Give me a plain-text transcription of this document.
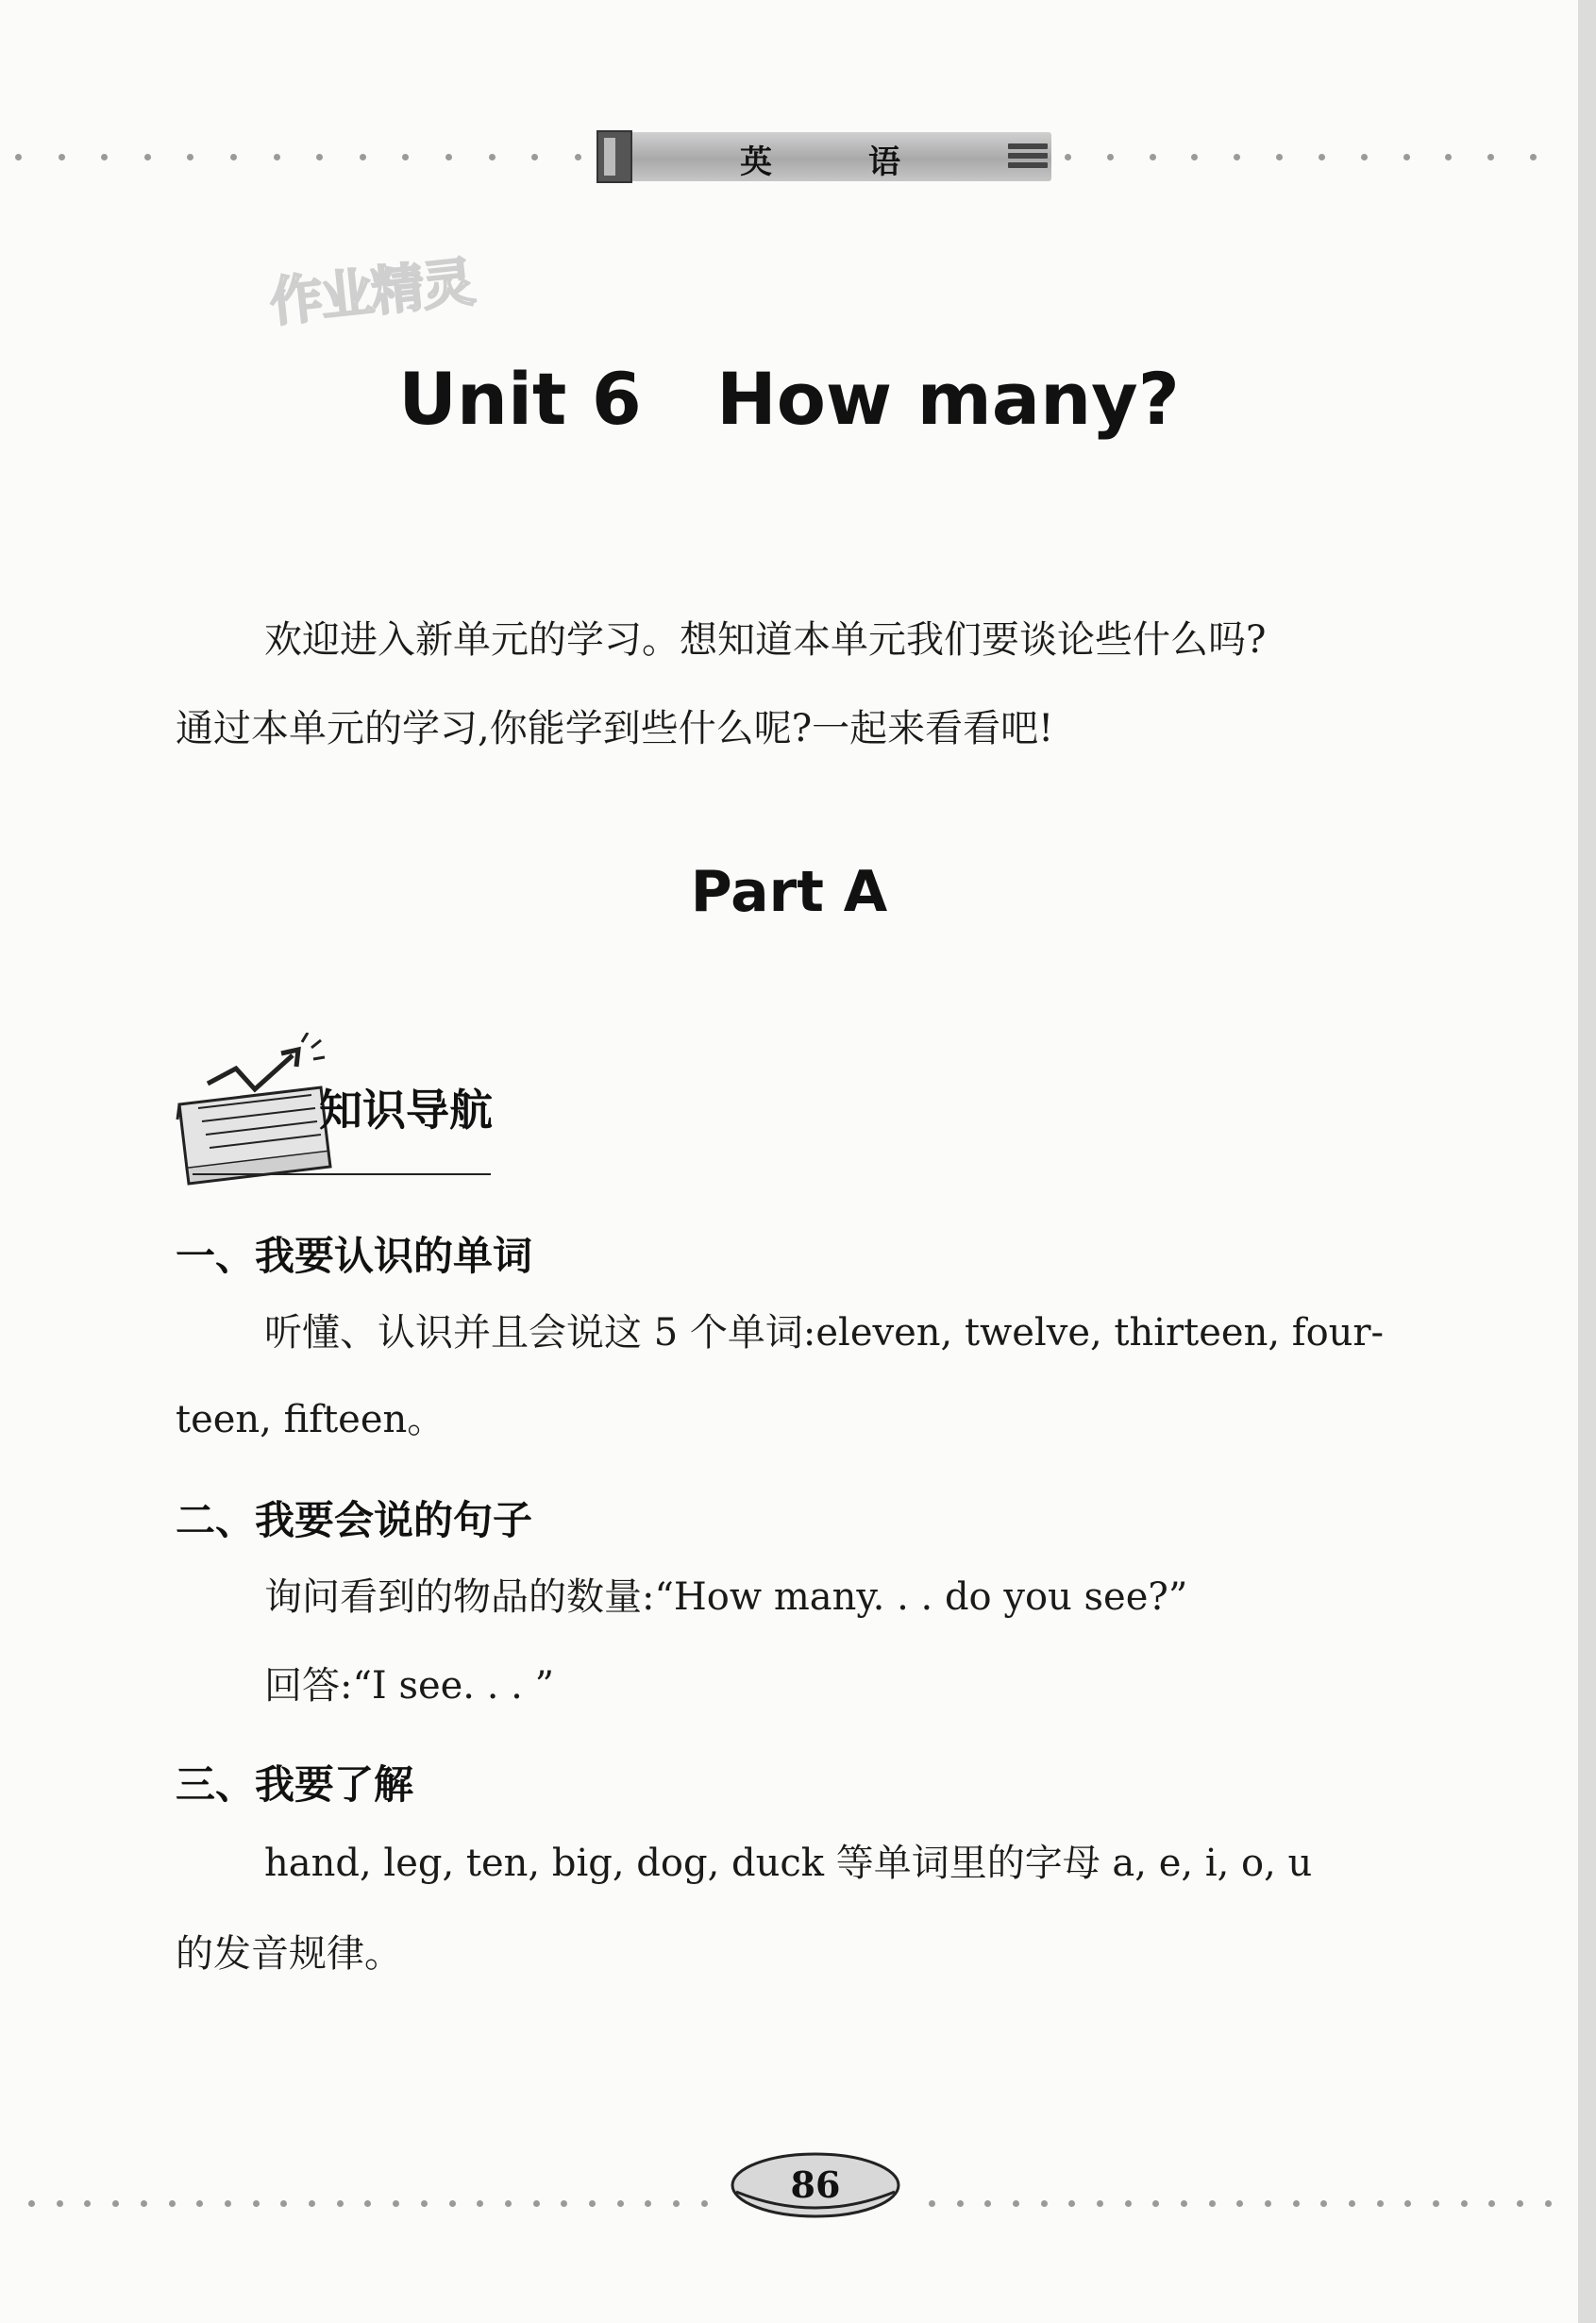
英	语
作业精灵
Unit 6   How many?
欢迎进入新单元的学习。想知道本单元我们要谈论些什么吗?
通过本单元的学习,你能学到些什么呢?一起来看看吧!
Part A
知识导航
一、我要认识的单词
听懂、认识并且会说这 5 个单词:eleven, twelve, thirteen, four-
teen, fifteen。
二、我要会说的句子
询问看到的物品的数量:“How many. . . do you see?”
回答:“I see. . . ”
三、我要了解
hand, leg, ten, big, dog, duck 等单词里的字母 a, e, i, o, u
的发音规律。
86
